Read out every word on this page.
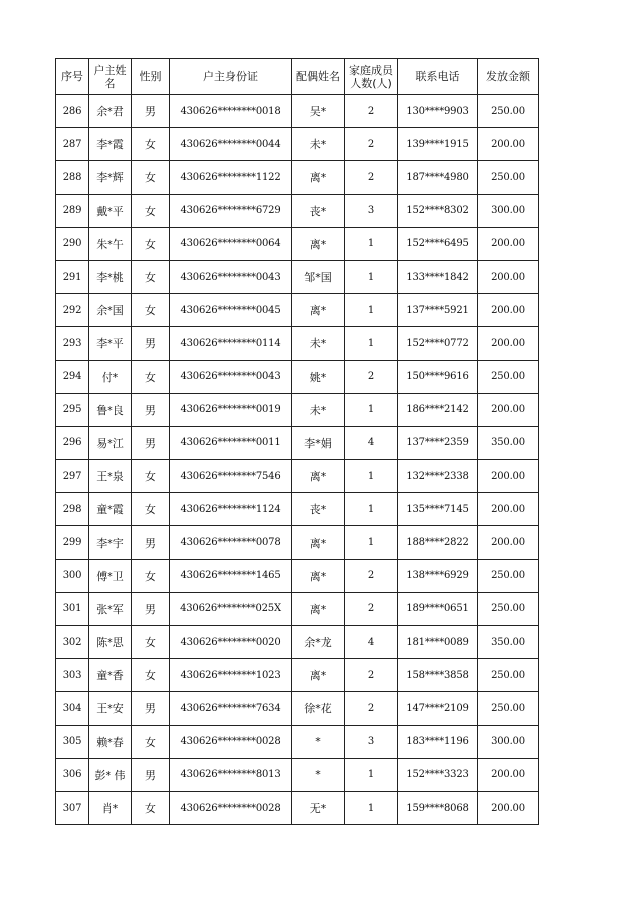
序号	户主姓名	性别	户主身份证	配偶姓名	家庭成员人数(人)	联系电话	发放金额
286	余*君	男	430626********0018	吴*	2	130****9903	250.00
287	李*霞	女	430626********0044	未*	2	139****1915	200.00
288	李*辉	女	430626********1122	离*	2	187****4980	250.00
289	戴*平	女	430626********6729	丧*	3	152****8302	300.00
290	朱*午	女	430626********0064	离*	1	152****6495	200.00
291	李*桃	女	430626********0043	邹*国	1	133****1842	200.00
292	余*国	女	430626********0045	离*	1	137****5921	200.00
293	李*平	男	430626********0114	未*	1	152****0772	200.00
294	付*	女	430626********0043	姚*	2	150****9616	250.00
295	鲁*良	男	430626********0019	未*	1	186****2142	200.00
296	易*江	男	430626********0011	李*娟	4	137****2359	350.00
297	王*泉	女	430626********7546	离*	1	132****2338	200.00
298	童*霞	女	430626********1124	丧*	1	135****7145	200.00
299	李*宇	男	430626********0078	离*	1	188****2822	200.00
300	傅*卫	女	430626********1465	离*	2	138****6929	250.00
301	张*军	男	430626********025X	离*	2	189****0651	250.00
302	陈*思	女	430626********0020	余*龙	4	181****0089	350.00
303	童*香	女	430626********1023	离*	2	158****3858	250.00
304	王*安	男	430626********7634	徐*花	2	147****2109	250.00
305	赖*春	女	430626********0028	*	3	183****1196	300.00
306	彭* 伟	男	430626********8013	*	1	152****3323	200.00
307	肖*	女	430626********0028	无*	1	159****8068	200.00
